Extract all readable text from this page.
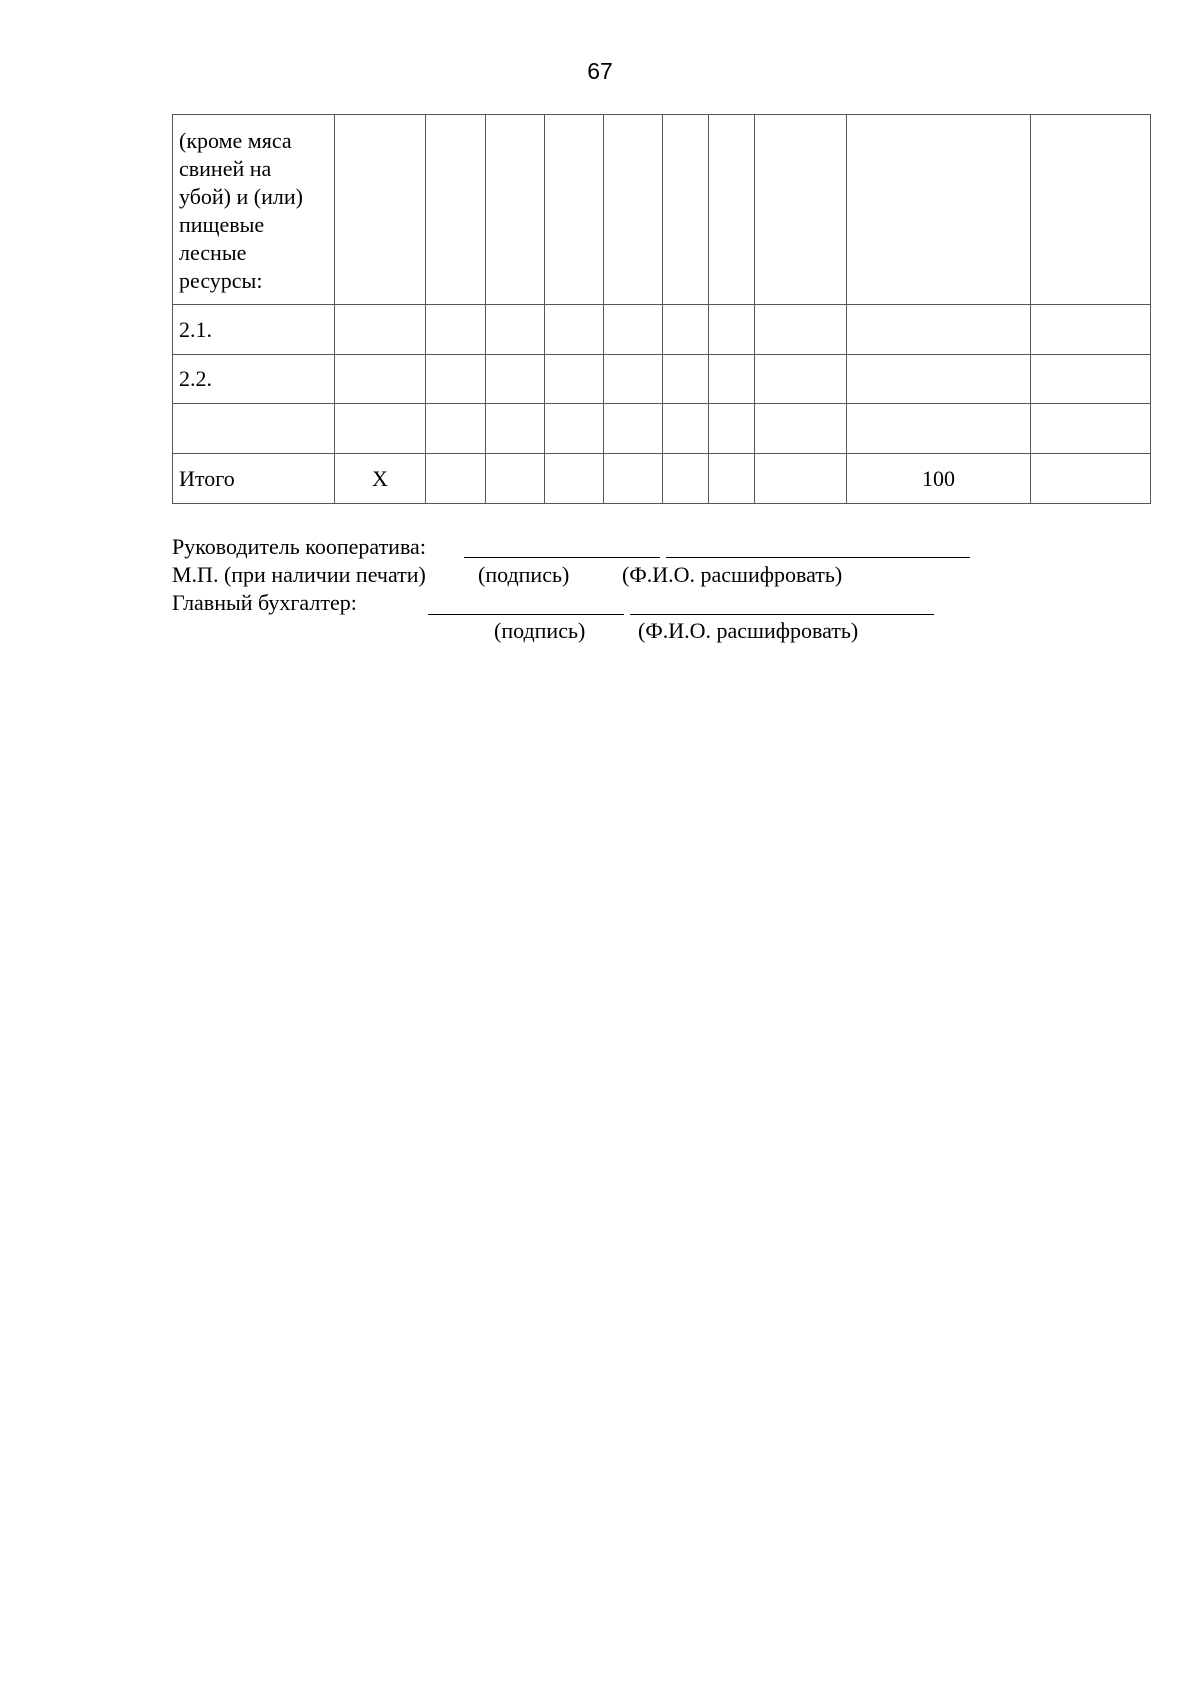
67
(кроме мяса свиней на убой) и (или) пищевые лесные ресурсы:										
2.1.										
2.2.										

Итого	X								100	
Руководитель кооператива:
М.П. (при наличии печати) (подпись) (Ф.И.О. расшифровать)
Главный бухгалтер:
(подпись) (Ф.И.О. расшифровать)
